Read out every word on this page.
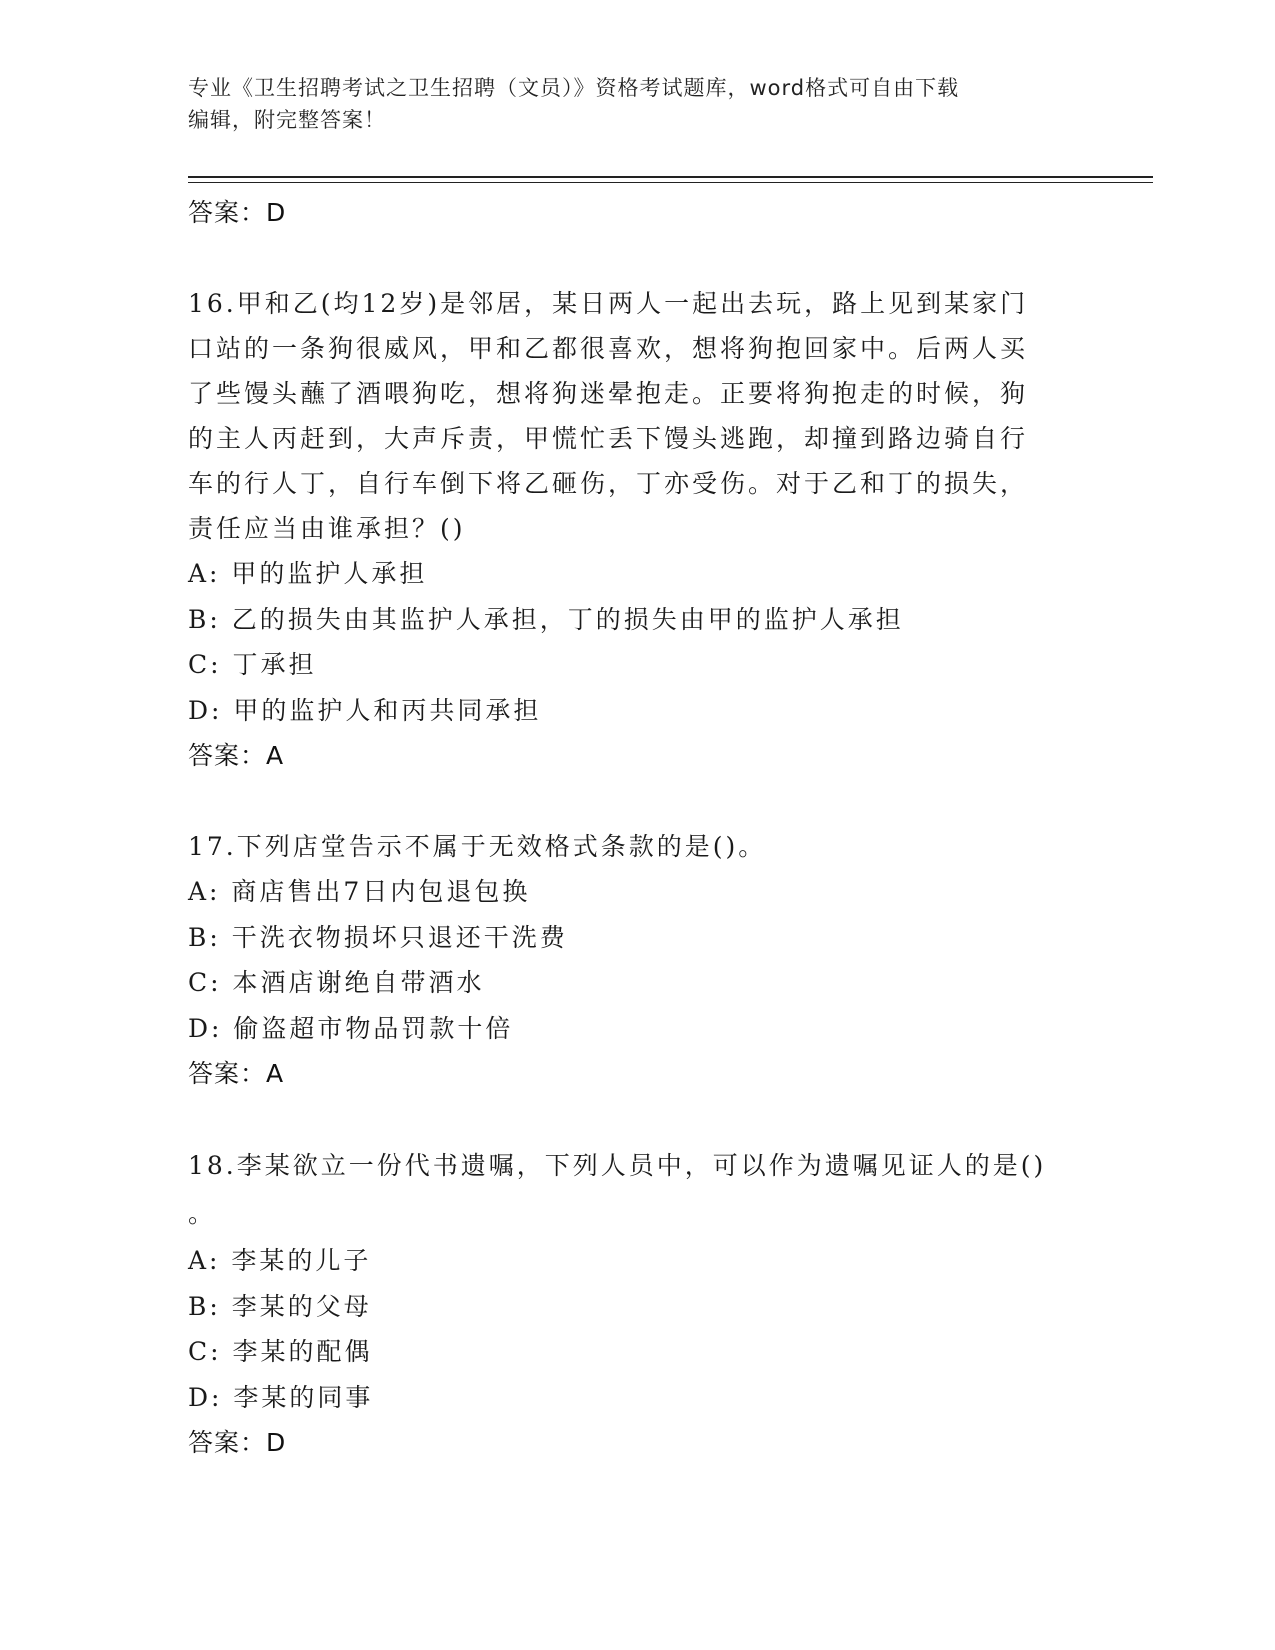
专业《卫生招聘考试之卫生招聘（文员）》资格考试题库，word格式可自由下载
编辑，附完整答案！
答案：D
16.甲和乙(均12岁)是邻居，某日两人一起出去玩，路上见到某家门
口站的一条狗很威风，甲和乙都很喜欢，想将狗抱回家中。后两人买
了些馒头蘸了酒喂狗吃，想将狗迷晕抱走。正要将狗抱走的时候，狗
的主人丙赶到，大声斥责，甲慌忙丢下馒头逃跑，却撞到路边骑自行
车的行人丁，自行车倒下将乙砸伤，丁亦受伤。对于乙和丁的损失，
责任应当由谁承担？()
A: 甲的监护人承担
B: 乙的损失由其监护人承担，丁的损失由甲的监护人承担
C: 丁承担
D: 甲的监护人和丙共同承担
答案：A
17.下列店堂告示不属于无效格式条款的是()。
A: 商店售出7日内包退包换
B: 干洗衣物损坏只退还干洗费
C: 本酒店谢绝自带酒水
D: 偷盗超市物品罚款十倍
答案：A
18.李某欲立一份代书遗嘱，下列人员中，可以作为遗嘱见证人的是()
。
A: 李某的儿子
B: 李某的父母
C: 李某的配偶
D: 李某的同事
答案：D
